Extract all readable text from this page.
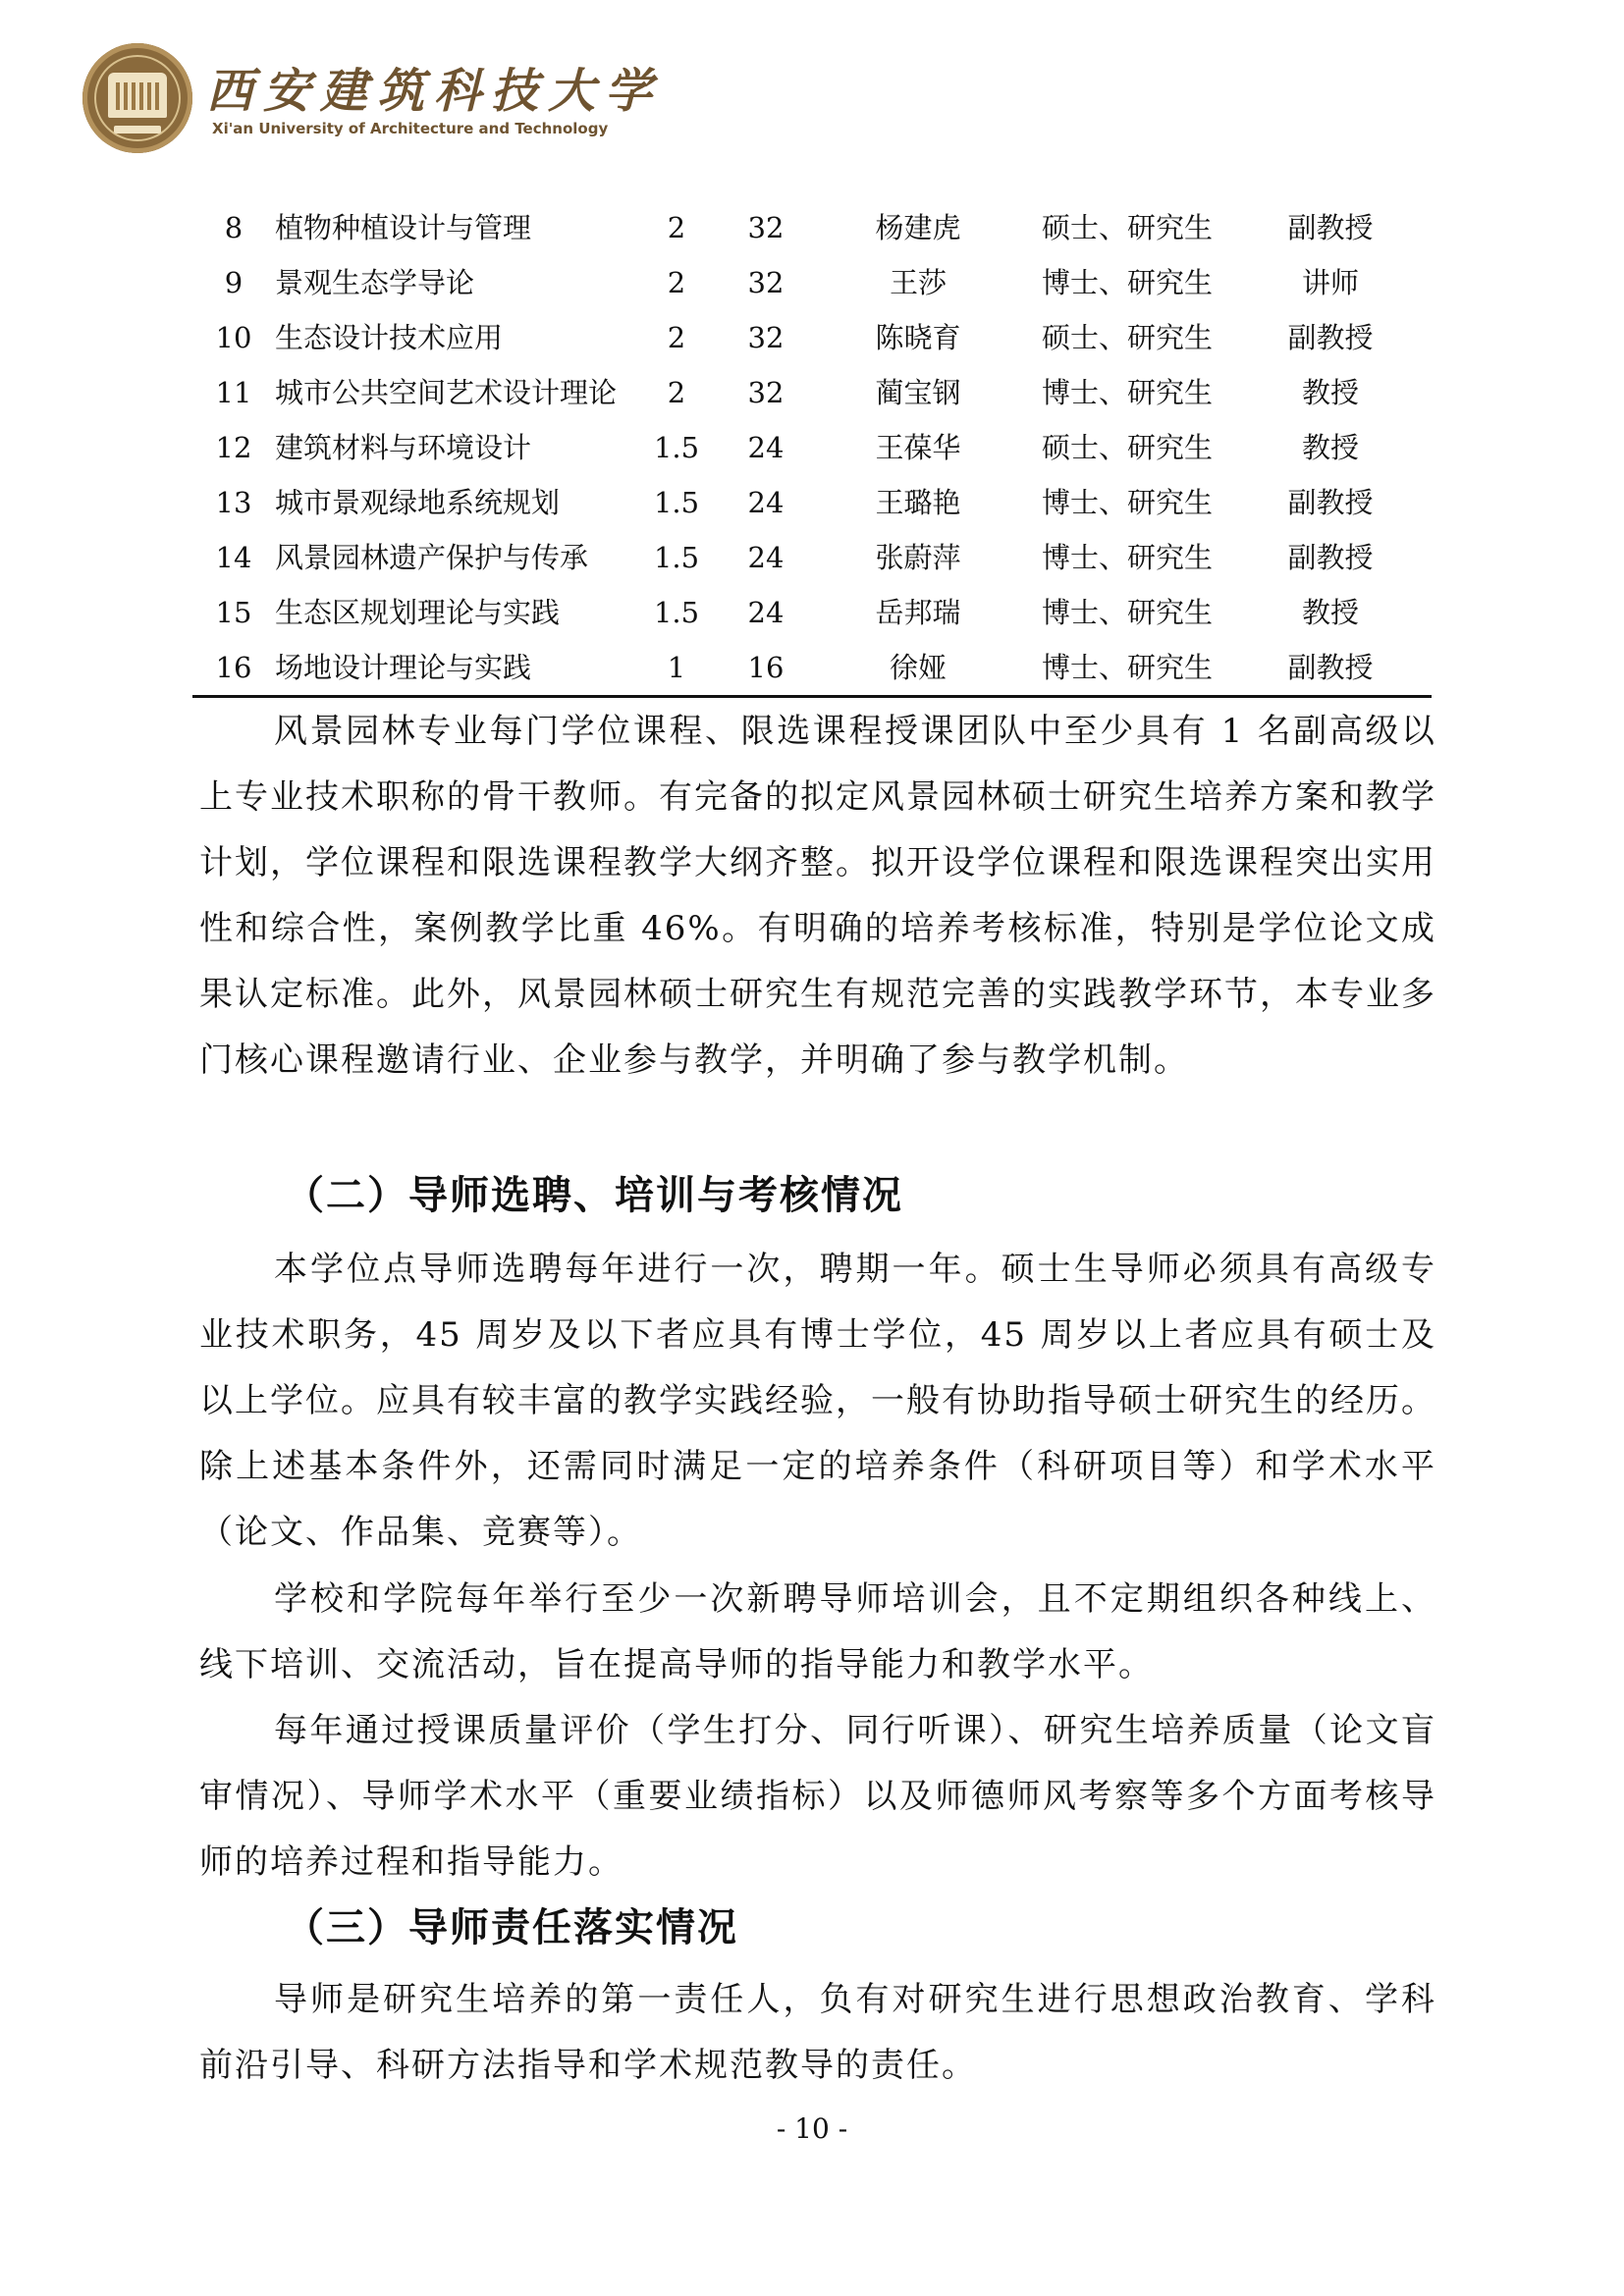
西安建筑科技大学
Xi'an University of Architecture and Technology
8	植物种植设计与管理	2	32	杨建虎	硕士、研究生	副教授
9	景观生态学导论	2	32	王莎	博士、研究生	讲师
10	生态设计技术应用	2	32	陈晓育	硕士、研究生	副教授
11	城市公共空间艺术设计理论	2	32	蔺宝钢	博士、研究生	教授
12	建筑材料与环境设计	1.5	24	王葆华	硕士、研究生	教授
13	城市景观绿地系统规划	1.5	24	王璐艳	博士、研究生	副教授
14	风景园林遗产保护与传承	1.5	24	张蔚萍	博士、研究生	副教授
15	生态区规划理论与实践	1.5	24	岳邦瑞	博士、研究生	教授
16	场地设计理论与实践	1	16	徐娅	博士、研究生	副教授

风景园林专业每门学位课程、限选课程授课团队中至少具有 1 名副高级以上专业技术职称的骨干教师。有完备的拟定风景园林硕士研究生培养方案和教学计划，学位课程和限选课程教学大纲齐整。拟开设学位课程和限选课程突出实用性和综合性，案例教学比重 46%。有明确的培养考核标准，特别是学位论文成果认定标准。此外，风景园林硕士研究生有规范完善的实践教学环节，本专业多门核心课程邀请行业、企业参与教学，并明确了参与教学机制。

（二）导师选聘、培训与考核情况

本学位点导师选聘每年进行一次，聘期一年。硕士生导师必须具有高级专业技术职务，45 周岁及以下者应具有博士学位，45 周岁以上者应具有硕士及以上学位。应具有较丰富的教学实践经验，一般有协助指导硕士研究生的经历。除上述基本条件外，还需同时满足一定的培养条件（科研项目等）和学术水平（论文、作品集、竞赛等）。

学校和学院每年举行至少一次新聘导师培训会，且不定期组织各种线上、线下培训、交流活动，旨在提高导师的指导能力和教学水平。

每年通过授课质量评价（学生打分、同行听课）、研究生培养质量（论文盲审情况）、导师学术水平（重要业绩指标）以及师德师风考察等多个方面考核导师的培养过程和指导能力。

（三）导师责任落实情况

导师是研究生培养的第一责任人，负有对研究生进行思想政治教育、学科前沿引导、科研方法指导和学术规范教导的责任。

- 10 -
